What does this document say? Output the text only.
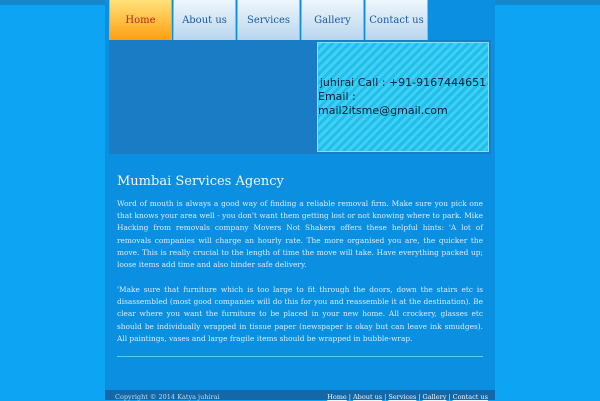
Home	About us	Services	Gallery	Contact us
juhirai Call : +91-9167444651
Email : mail2itsme@gmail.com
Mumbai Services Agency

Word of mouth is always a good way of finding a reliable removal firm. Make sure you pick one that knows your area well - you don't want them getting lost or not knowing where to park. Mike Hacking from removals company Movers Not Shakers offers these helpful hints: 'A lot of removals companies will charge an hourly rate. The more organised you are, the quicker the move. This is really crucial to the length of time the move will take. Have everything packed up; loose items add time and also hinder safe delivery.

'Make sure that furniture which is too large to fit through the doors, down the stairs etc is disassembled (most good companies will do this for you and reassemble it at the destination). Be clear where you want the furniture to be placed in your new home. All crockery, glasses etc should be individually wrapped in tissue paper (newspaper is okay but can leave ink smudges). All paintings, vases and large fragile items should be wrapped in bubble-wrap.

Copyright © 2014 Katya juhirai	Home | About us | Services | Gallery | Contact us
